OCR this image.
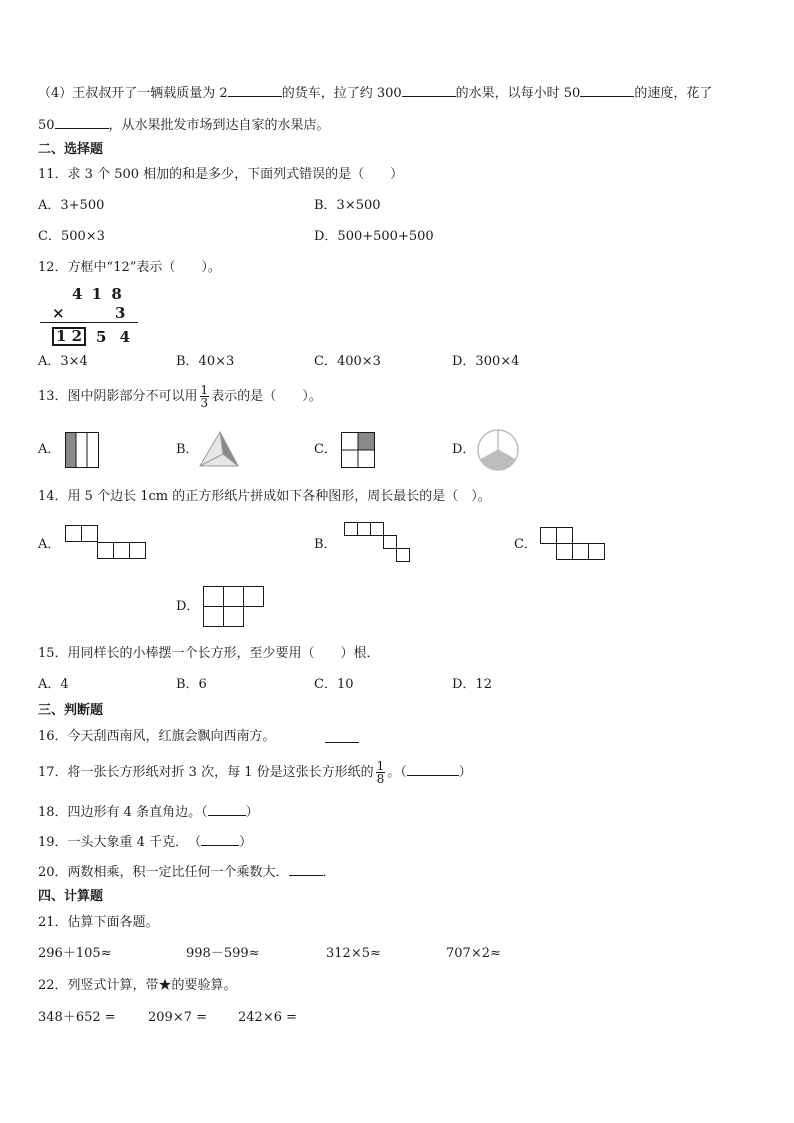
（4）王叔叔开了一辆载质量为 2	的货车，拉了约 300	的水果，以每小时 50	的速度，花了
50	，从水果批发市场到达自家的水果店。
二、选择题
11．求 3 个 500 相加的和是多少，下面列式错误的是（　　）
A．3+500	B．3×500
C．500×3	D．500+500+500
12．方框中“12”表示（　　）。
4 1 8
×	3
1 2 5 4
A．3×4	B．40×3	C．400×3	D．300×4
13．图中阴影部分不可以用 $\frac{1}{3}$ 表示的是（　　）。
A．	B．	C．	D．
14．用 5 个边长 1cm 的正方形纸片拼成如下各种图形，周长最长的是（　）。
A．	B．	C．
D．
15．用同样长的小棒摆一个长方形，至少要用（　　）根．
A．4	B．6	C．10	D．12
三、判断题
16．今天刮西南风，红旗会飘向西南方。
17．将一张长方形纸对折 3 次，每 1 份是这张长方形纸的 $\frac{1}{8}$ 。（	）
18．四边形有 4 条直角边。（	）
19．一头大象重 4 千克．　（	）
20．两数相乘，积一定比任何一个乘数大．	．
四、计算题
21．估算下面各题。
296＋105≈	998－599≈	312×5≈	707×2≈
22．列竖式计算，带★的要验算。
348＋652 = 209×7 = 242×6 =
